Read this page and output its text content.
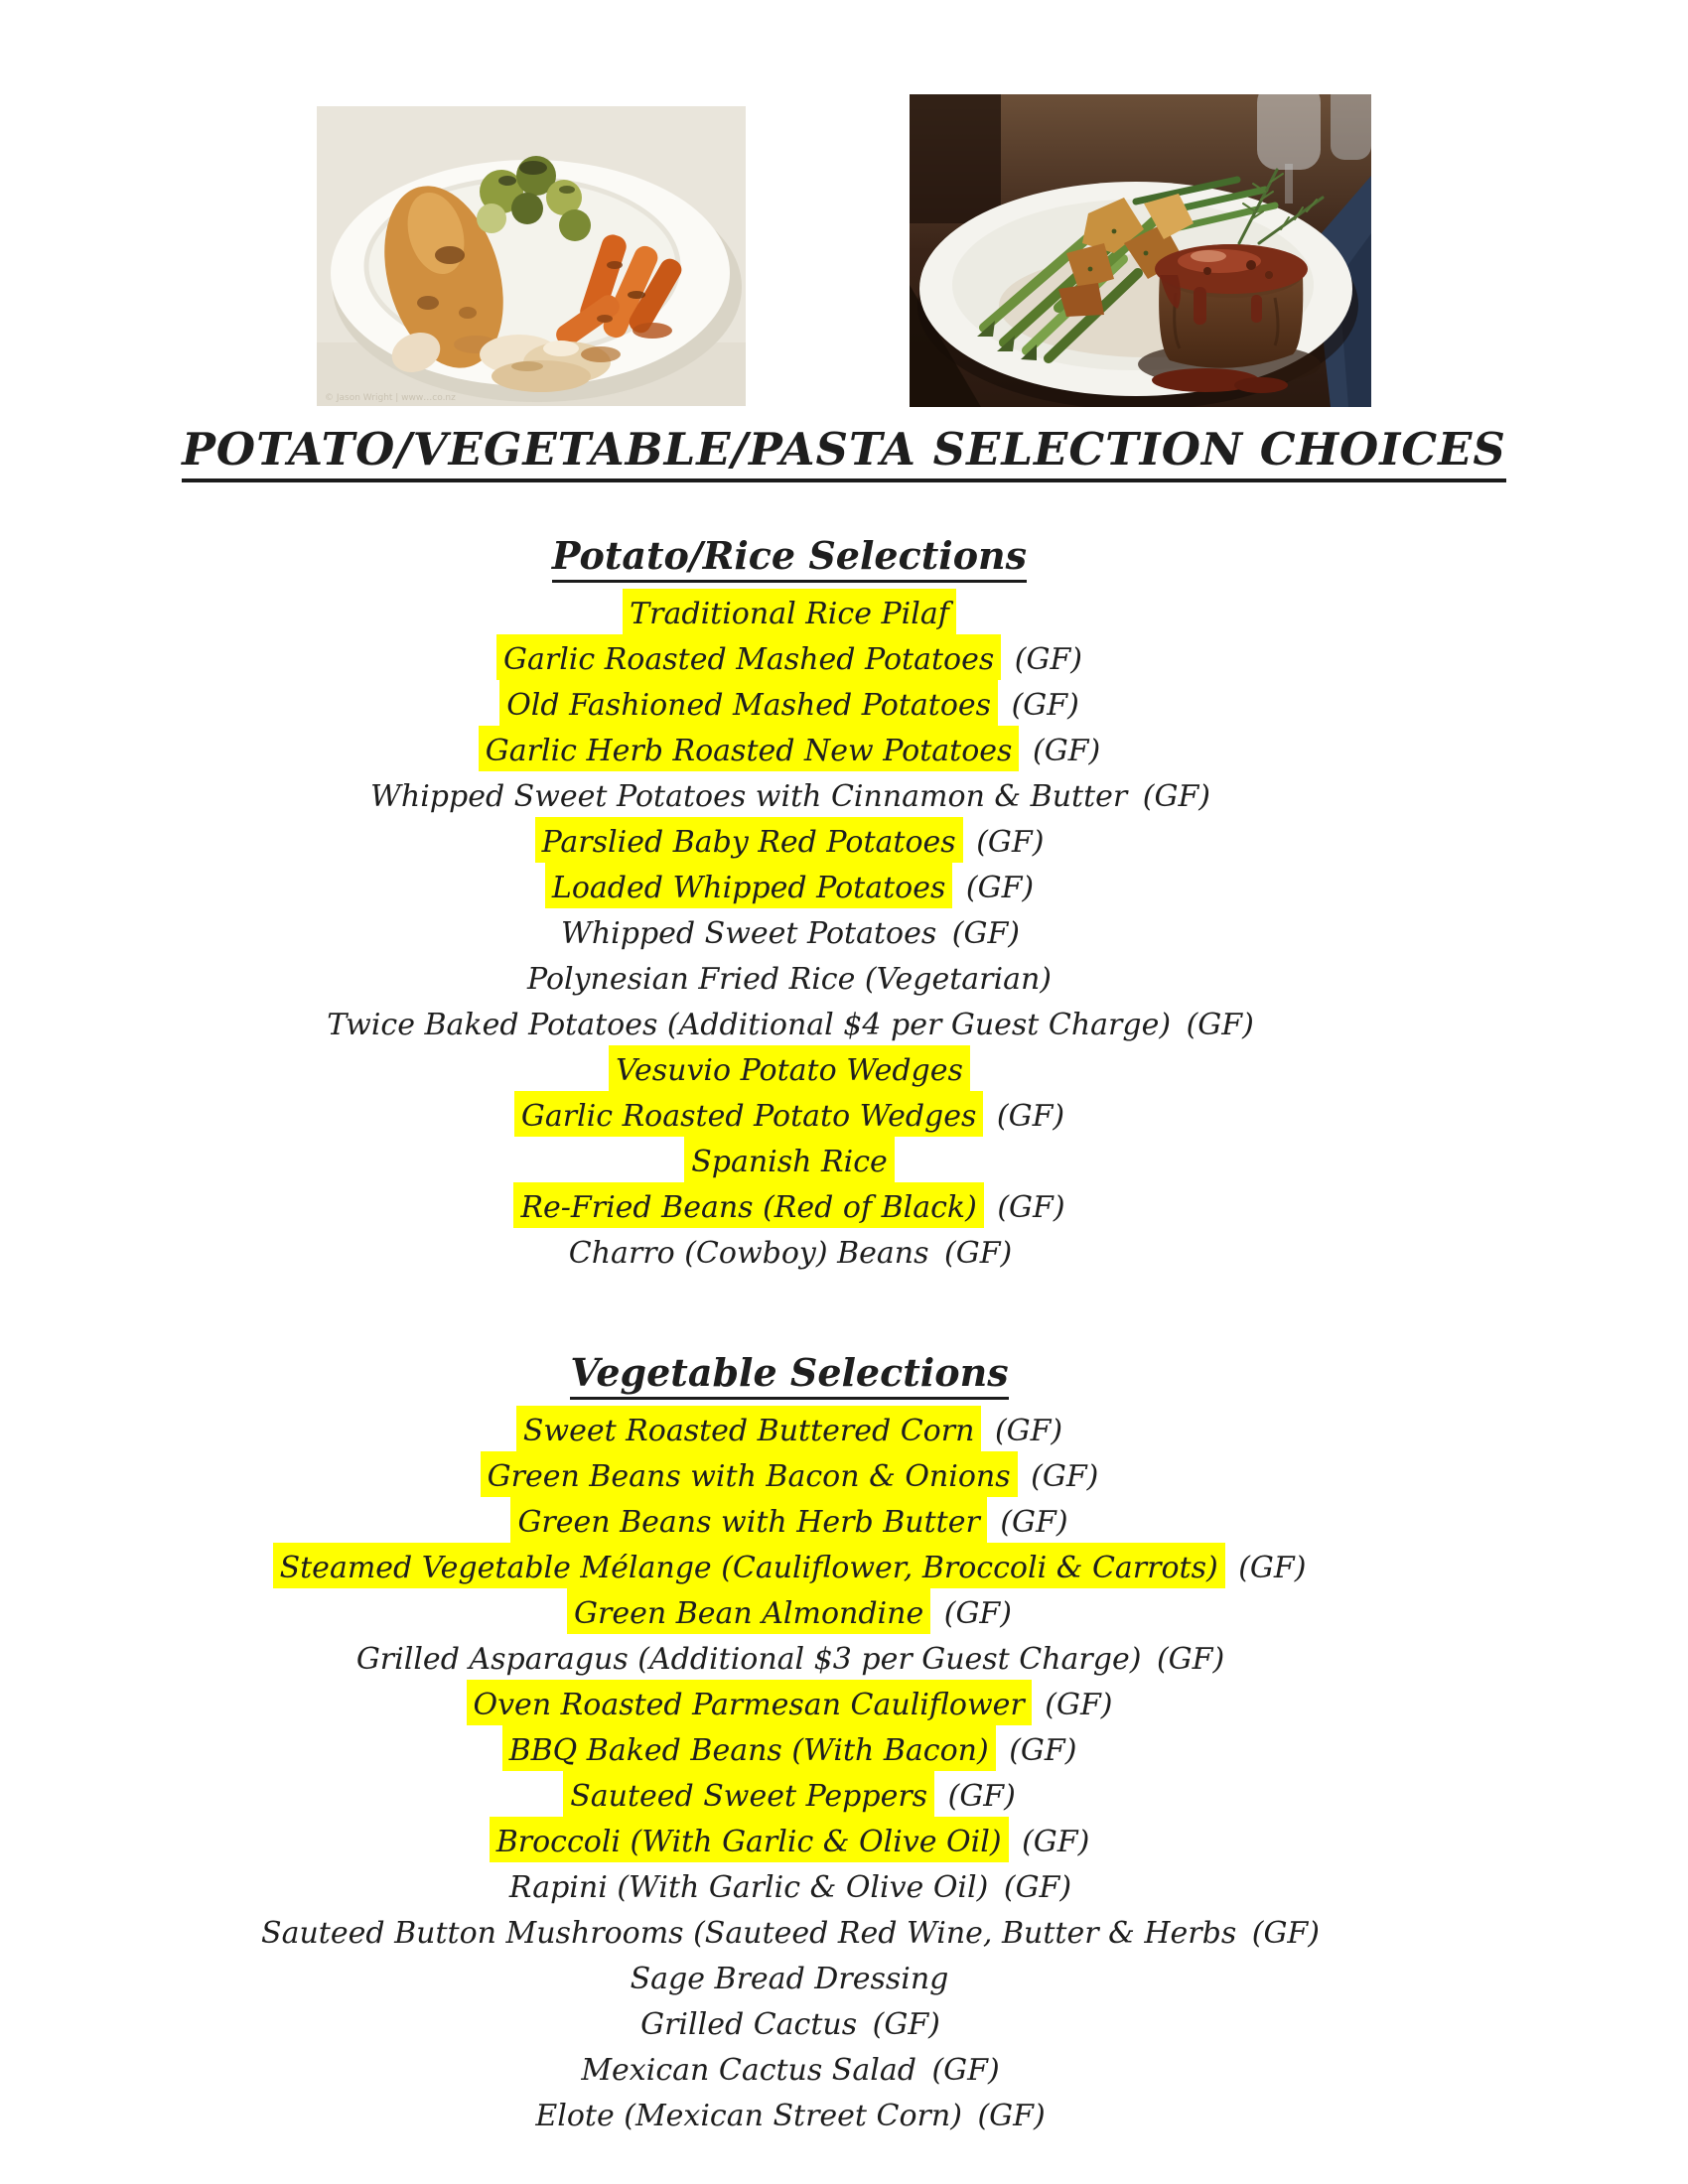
© Jason Wright | www…co.nz
POTATO/VEGETABLE/PASTA SELECTION CHOICES
Potato/Rice Selections
Traditional Rice Pilaf
Garlic Roasted Mashed Potatoes (GF)
Old Fashioned Mashed Potatoes (GF)
Garlic Herb Roasted New Potatoes (GF)
Whipped Sweet Potatoes with Cinnamon & Butter (GF)
Parslied Baby Red Potatoes (GF)
Loaded Whipped Potatoes (GF)
Whipped Sweet Potatoes (GF)
Polynesian Fried Rice (Vegetarian)
Twice Baked Potatoes (Additional $4 per Guest Charge) (GF)
Vesuvio Potato Wedges
Garlic Roasted Potato Wedges (GF)
Spanish Rice
Re-Fried Beans (Red of Black) (GF)
Charro (Cowboy) Beans (GF)
Vegetable Selections
Sweet Roasted Buttered Corn (GF)
Green Beans with Bacon & Onions (GF)
Green Beans with Herb Butter (GF)
Steamed Vegetable Mélange (Cauliflower, Broccoli & Carrots) (GF)
Green Bean Almondine (GF)
Grilled Asparagus (Additional $3 per Guest Charge) (GF)
Oven Roasted Parmesan Cauliflower (GF)
BBQ Baked Beans (With Bacon) (GF)
Sauteed Sweet Peppers (GF)
Broccoli (With Garlic & Olive Oil) (GF)
Rapini (With Garlic & Olive Oil) (GF)
Sauteed Button Mushrooms (Sauteed Red Wine, Butter & Herbs (GF)
Sage Bread Dressing
Grilled Cactus (GF)
Mexican Cactus Salad (GF)
Elote (Mexican Street Corn) (GF)
